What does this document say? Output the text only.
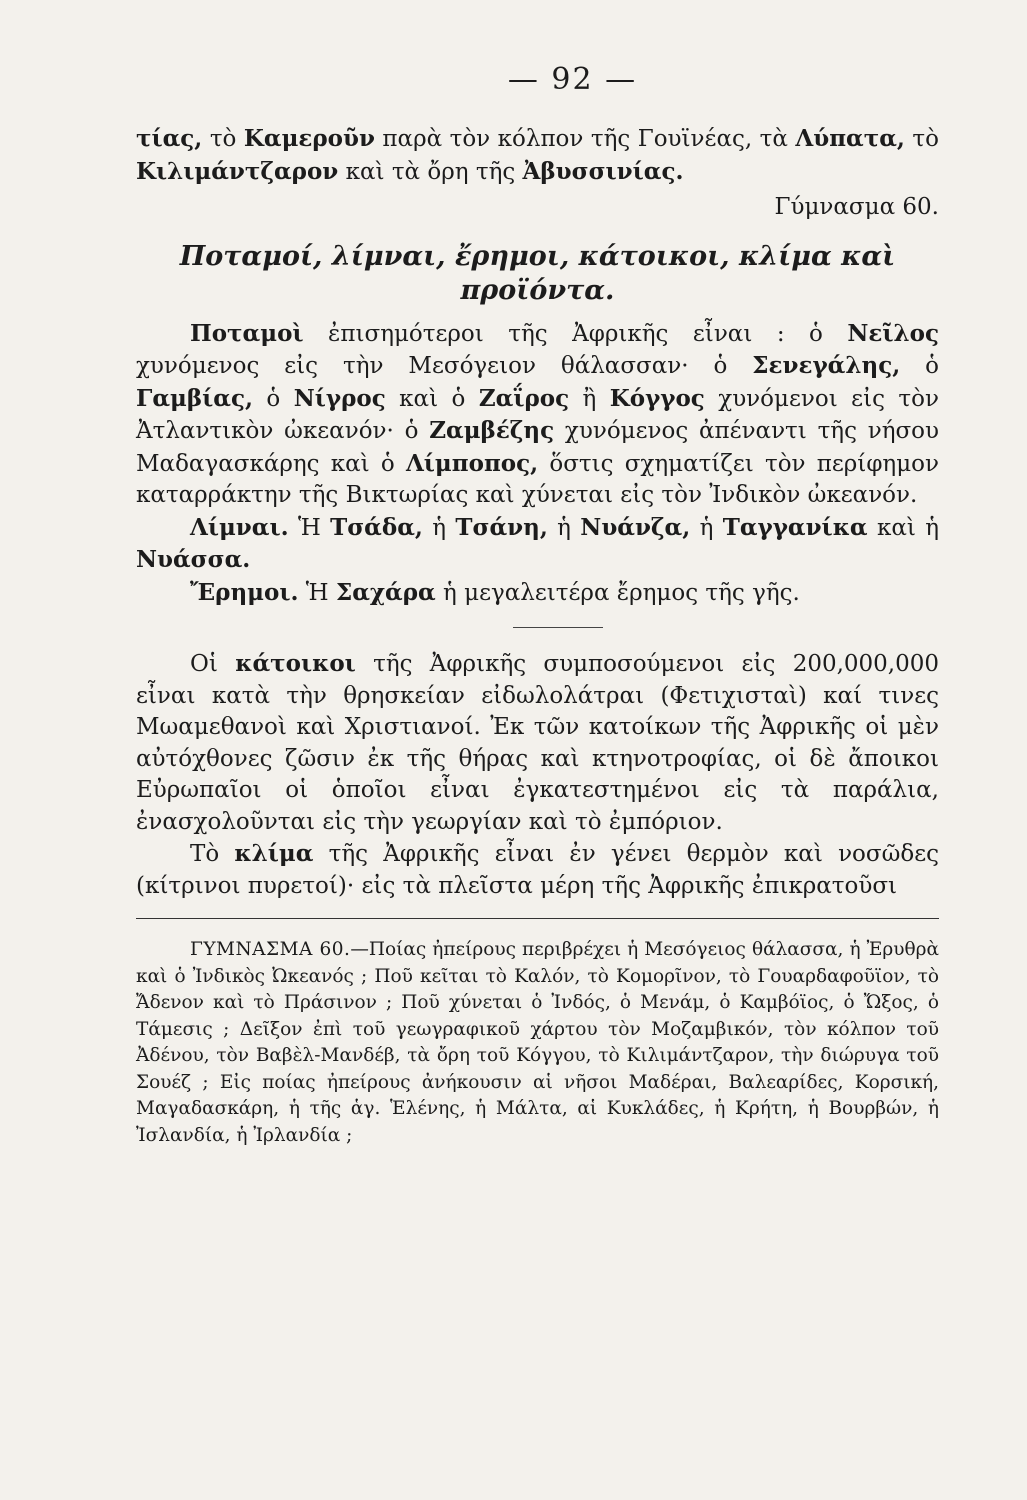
— 92 —

τίας, τὸ Καμεροῦν παρὰ τὸν κόλπον τῆς Γουϊνέας, τὰ Λύπατα, τὸ Κιλιμάντζαρον καὶ τὰ ὄρη τῆς Ἀβυσσινίας.

Γύμνασμα 60.

Ποταμοί, λίμναι, ἔρημοι, κάτοικοι, κλίμα καὶ προϊόντα.

Ποταμοὶ ἐπισημότεροι τῆς Ἀφρικῆς εἶναι : ὁ Νεῖλος χυνόμενος εἰς τὴν Μεσόγειον θάλασσαν· ὁ Σενεγάλης, ὁ Γαμβίας, ὁ Νίγρος καὶ ὁ Ζαΐρος ἢ Κόγγος χυνόμενοι εἰς τὸν Ἀτλαντικὸν ὠκεανόν· ὁ Ζαμβέζης χυνόμενος ἀπέναντι τῆς νήσου Μαδαγασκάρης καὶ ὁ Λίμποπος, ὅστις σχηματίζει τὸν περίφημον καταρράκτην τῆς Βικτωρίας καὶ χύνεται εἰς τὸν Ἰνδικὸν ὠκεανόν.

Λίμναι. Ἡ Τσάδα, ἡ Τσάνη, ἡ Νυάνζα, ἡ Ταγγανίκα καὶ ἡ Νυάσσα.

Ἔρημοι. Ἡ Σαχάρα ἡ μεγαλειτέρα ἔρημος τῆς γῆς.

Οἱ κάτοικοι τῆς Ἀφρικῆς συμποσούμενοι εἰς 200,000,000 εἶναι κατὰ τὴν θρησκείαν εἰδωλολάτραι (Φετιχισταὶ) καί τινες Μωαμεθανοὶ καὶ Χριστιανοί. Ἐκ τῶν κατοίκων τῆς Ἀφρικῆς οἱ μὲν αὐτόχθονες ζῶσιν ἐκ τῆς θήρας καὶ κτηνοτροφίας, οἱ δὲ ἄποικοι Εὐρωπαῖοι οἱ ὁποῖοι εἶναι ἐγκατεστημένοι εἰς τὰ παράλια, ἐνασχολοῦνται εἰς τὴν γεωργίαν καὶ τὸ ἐμπόριον.

Τὸ κλίμα τῆς Ἀφρικῆς εἶναι ἐν γένει θερμὸν καὶ νοσῶδες (κίτρινοι πυρετοί)· εἰς τὰ πλεῖστα μέρη τῆς Ἀφρικῆς ἐπικρατοῦσι

ΓΥΜΝΑΣΜΑ 60.—Ποίας ἠπείρους περιβρέχει ἡ Μεσόγειος θάλασσα, ἡ Ἐρυθρὰ καὶ ὁ Ἰνδικὸς Ὠκεανός ; Ποῦ κεῖται τὸ Καλόν, τὸ Κομορῖνον, τὸ Γουαρδαφοῦϊον, τὸ Ἄδενον καὶ τὸ Πράσινον ; Ποῦ χύνεται ὁ Ἰνδός, ὁ Μενάμ, ὁ Καμβόϊος, ὁ Ὤξος, ὁ Τάμεσις ; Δεῖξον ἐπὶ τοῦ γεωγραφικοῦ χάρτου τὸν Μοζαμβικόν, τὸν κόλπον τοῦ Ἀδένου, τὸν Βαβὲλ-Μανδέβ, τὰ ὄρη τοῦ Κόγγου, τὸ Κιλιμάντζαρον, τὴν διώρυγα τοῦ Σουέζ ; Εἰς ποίας ἠπείρους ἀνήκουσιν αἱ νῆσοι Μαδέραι, Βαλεαρίδες, Κορσική, Μαγαδασκάρη, ἡ τῆς ἁγ. Ἑλένης, ἡ Μάλτα, αἱ Κυκλάδες, ἡ Κρήτη, ἡ Βουρβών, ἡ Ἰσλανδία, ἡ Ἰρλανδία ;
